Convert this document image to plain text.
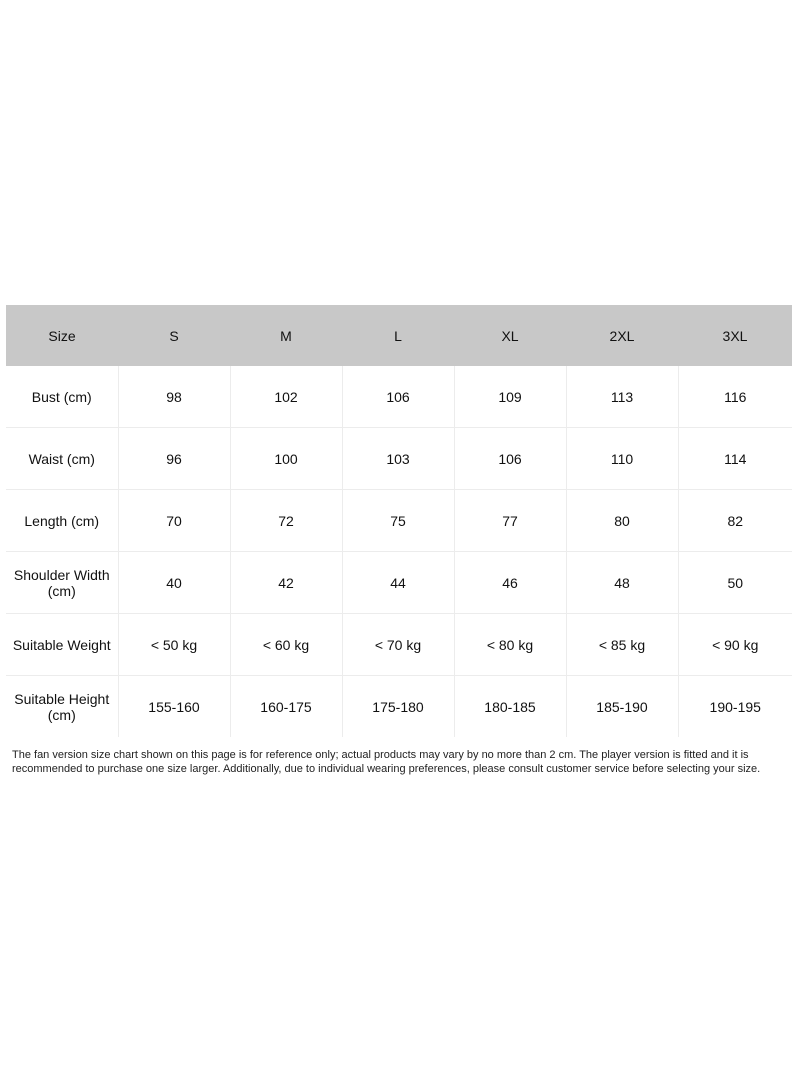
Size	S	M	L	XL	2XL	3XL
Bust (cm)	98	102	106	109	113	116
Waist (cm)	96	100	103	106	110	114
Length (cm)	70	72	75	77	80	82
Shoulder Width (cm)	40	42	44	46	48	50
Suitable Weight	< 50 kg	< 60 kg	< 70 kg	< 80 kg	< 85 kg	< 90 kg
Suitable Height (cm)	155-160	160-175	175-180	180-185	185-190	190-195

The fan version size chart shown on this page is for reference only; actual products may vary by no more than 2 cm. The player version is fitted and it is recommended to purchase one size larger. Additionally, due to individual wearing preferences, please consult customer service before selecting your size.
